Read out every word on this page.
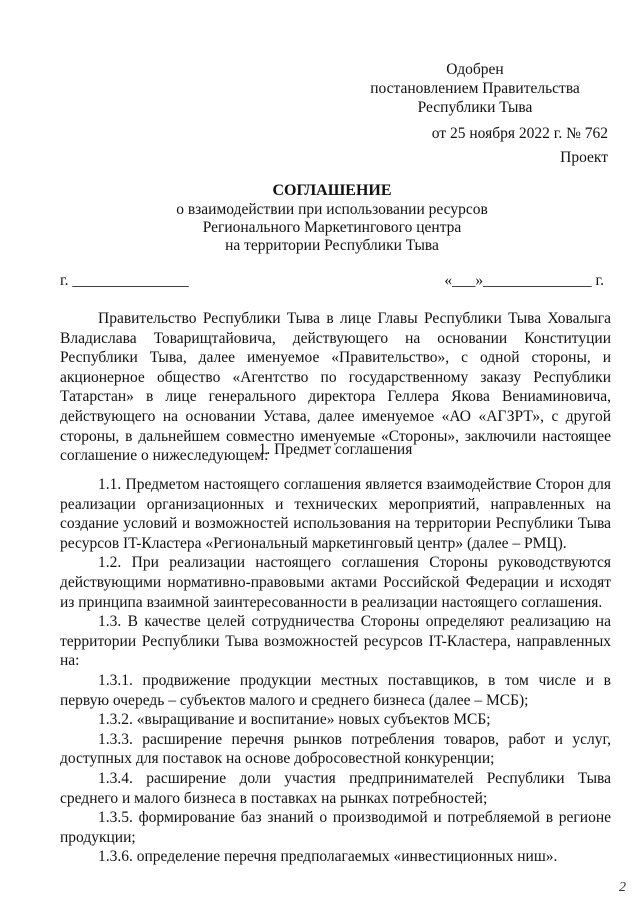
Одобрен
постановлением Правительства
Республики Тыва
от 25 ноября 2022 г. № 762
Проект
СОГЛАШЕНИЕ
о взаимодействии при использовании ресурсов
Регионального Маркетингового центра
на территории Республики Тыва
г. _______________	«___»______________ г.

Правительство Республики Тыва в лице Главы Республики Тыва Ховалыга Владислава Товарищтайовича, действующего на основании Конституции Республики Тыва, далее именуемое «Правительство», с одной стороны, и акционерное общество «Агентство по государственному заказу Республики Татарстан» в лице генерального директора Геллера Якова Вениаминовича, действующего на основании Устава, далее именуемое «АО «АГЗРТ», с другой стороны, в дальнейшем совместно именуемые «Стороны», заключили настоящее соглашение о нижеследующем:

1. Предмет соглашения

1.1. Предметом настоящего соглашения является взаимодействие Сторон для реализации организационных и технических мероприятий, направленных на создание условий и возможностей использования на территории Республики Тыва ресурсов IT-Кластера «Региональный маркетинговый центр» (далее – РМЦ).

1.2. При реализации настоящего соглашения Стороны руководствуются действующими нормативно-правовыми актами Российской Федерации и исходят из принципа взаимной заинтересованности в реализации настоящего соглашения.

1.3. В качестве целей сотрудничества Стороны определяют реализацию на территории Республики Тыва возможностей ресурсов IT-Кластера, направленных на:

1.3.1. продвижение продукции местных поставщиков, в том числе и в первую очередь – субъектов малого и среднего бизнеса (далее – МСБ);

1.3.2. «выращивание и воспитание» новых субъектов МСБ;

1.3.3. расширение перечня рынков потребления товаров, работ и услуг, доступных для поставок на основе добросовестной конкуренции;

1.3.4. расширение доли участия предпринимателей Республики Тыва среднего и малого бизнеса в поставках на рынках потребностей;

1.3.5. формирование баз знаний о производимой и потребляемой в регионе продукции;

1.3.6. определение перечня предполагаемых «инвестиционных ниш».

2
